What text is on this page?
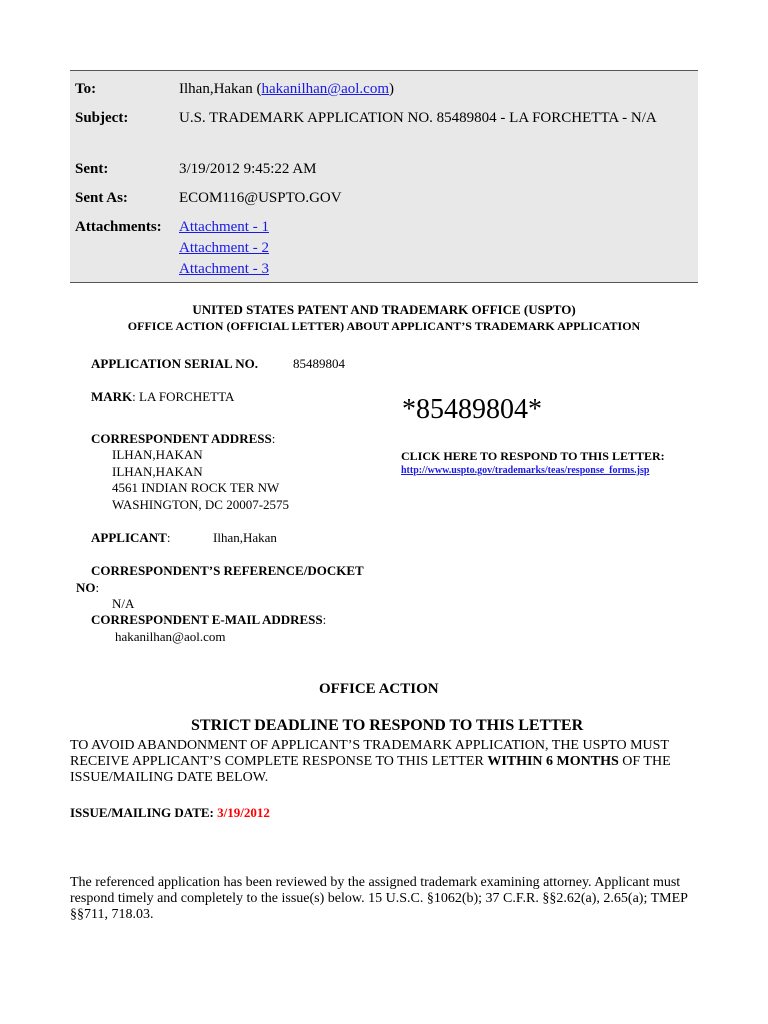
To:	Ilhan,Hakan (hakanilhan@aol.com)
Subject:	U.S. TRADEMARK APPLICATION NO. 85489804 - LA FORCHETTA - N/A
Sent:	3/19/2012 9:45:22 AM
Sent As:	ECOM116@USPTO.GOV
Attachments: Attachment - 1
Attachment - 2
Attachment - 3
UNITED STATES PATENT AND TRADEMARK OFFICE (USPTO)
OFFICE ACTION (OFFICIAL LETTER) ABOUT APPLICANT’S TRADEMARK APPLICATION
APPLICATION SERIAL NO.	85489804
MARK: LA FORCHETTA	*85489804*
CLICK HERE TO RESPOND TO THIS LETTER:
http://www.uspto.gov/trademarks/teas/response_forms.jsp
CORRESPONDENT ADDRESS:
ILHAN,HAKAN
ILHAN,HAKAN
4561 INDIAN ROCK TER NW
WASHINGTON, DC 20007-2575
APPLICANT:	Ilhan,Hakan
CORRESPONDENT’S REFERENCE/DOCKET
NO:
N/A
CORRESPONDENT E-MAIL ADDRESS:
hakanilhan@aol.com
OFFICE ACTION
STRICT DEADLINE TO RESPOND TO THIS LETTER
TO AVOID ABANDONMENT OF APPLICANT’S TRADEMARK APPLICATION, THE USPTO MUST RECEIVE APPLICANT’S COMPLETE RESPONSE TO THIS LETTER WITHIN 6 MONTHS OF THE ISSUE/MAILING DATE BELOW.
ISSUE/MAILING DATE: 3/19/2012
The referenced application has been reviewed by the assigned trademark examining attorney. Applicant must respond timely and completely to the issue(s) below. 15 U.S.C. §1062(b); 37 C.F.R. §§2.62(a), 2.65(a); TMEP §§711, 718.03.
